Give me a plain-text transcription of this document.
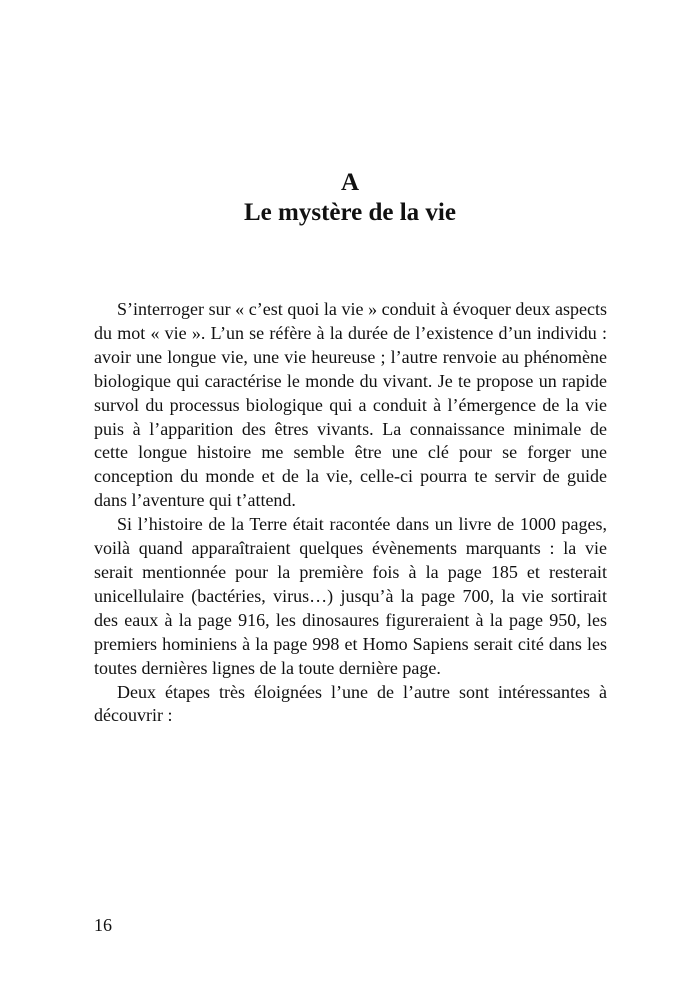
A
Le mystère de la vie

S’interroger sur « c’est quoi la vie » conduit à évoquer deux aspects du mot « vie ». L’un se réfère à la durée de l’existence d’un individu : avoir une longue vie, une vie heureuse ; l’autre renvoie au phénomène biologique qui caractérise le monde du vivant. Je te propose un rapide survol du processus biologique qui a conduit à l’émergence de la vie puis à l’apparition des êtres vivants. La connaissance minimale de cette longue histoire me semble être une clé pour se forger une conception du monde et de la vie, celle-ci pourra te servir de guide dans l’aventure qui t’attend.

Si l’histoire de la Terre était racontée dans un livre de 1000 pages, voilà quand apparaîtraient quelques évènements marquants : la vie serait mentionnée pour la première fois à la page 185 et resterait unicellulaire (bactéries, virus…) jusqu’à la page 700, la vie sortirait des eaux à la page 916, les dinosaures figureraient à la page 950, les premiers hominiens à la page 998 et Homo Sapiens serait cité dans les toutes dernières lignes de la toute dernière page.

Deux étapes très éloignées l’une de l’autre sont intéressantes à découvrir :

16
